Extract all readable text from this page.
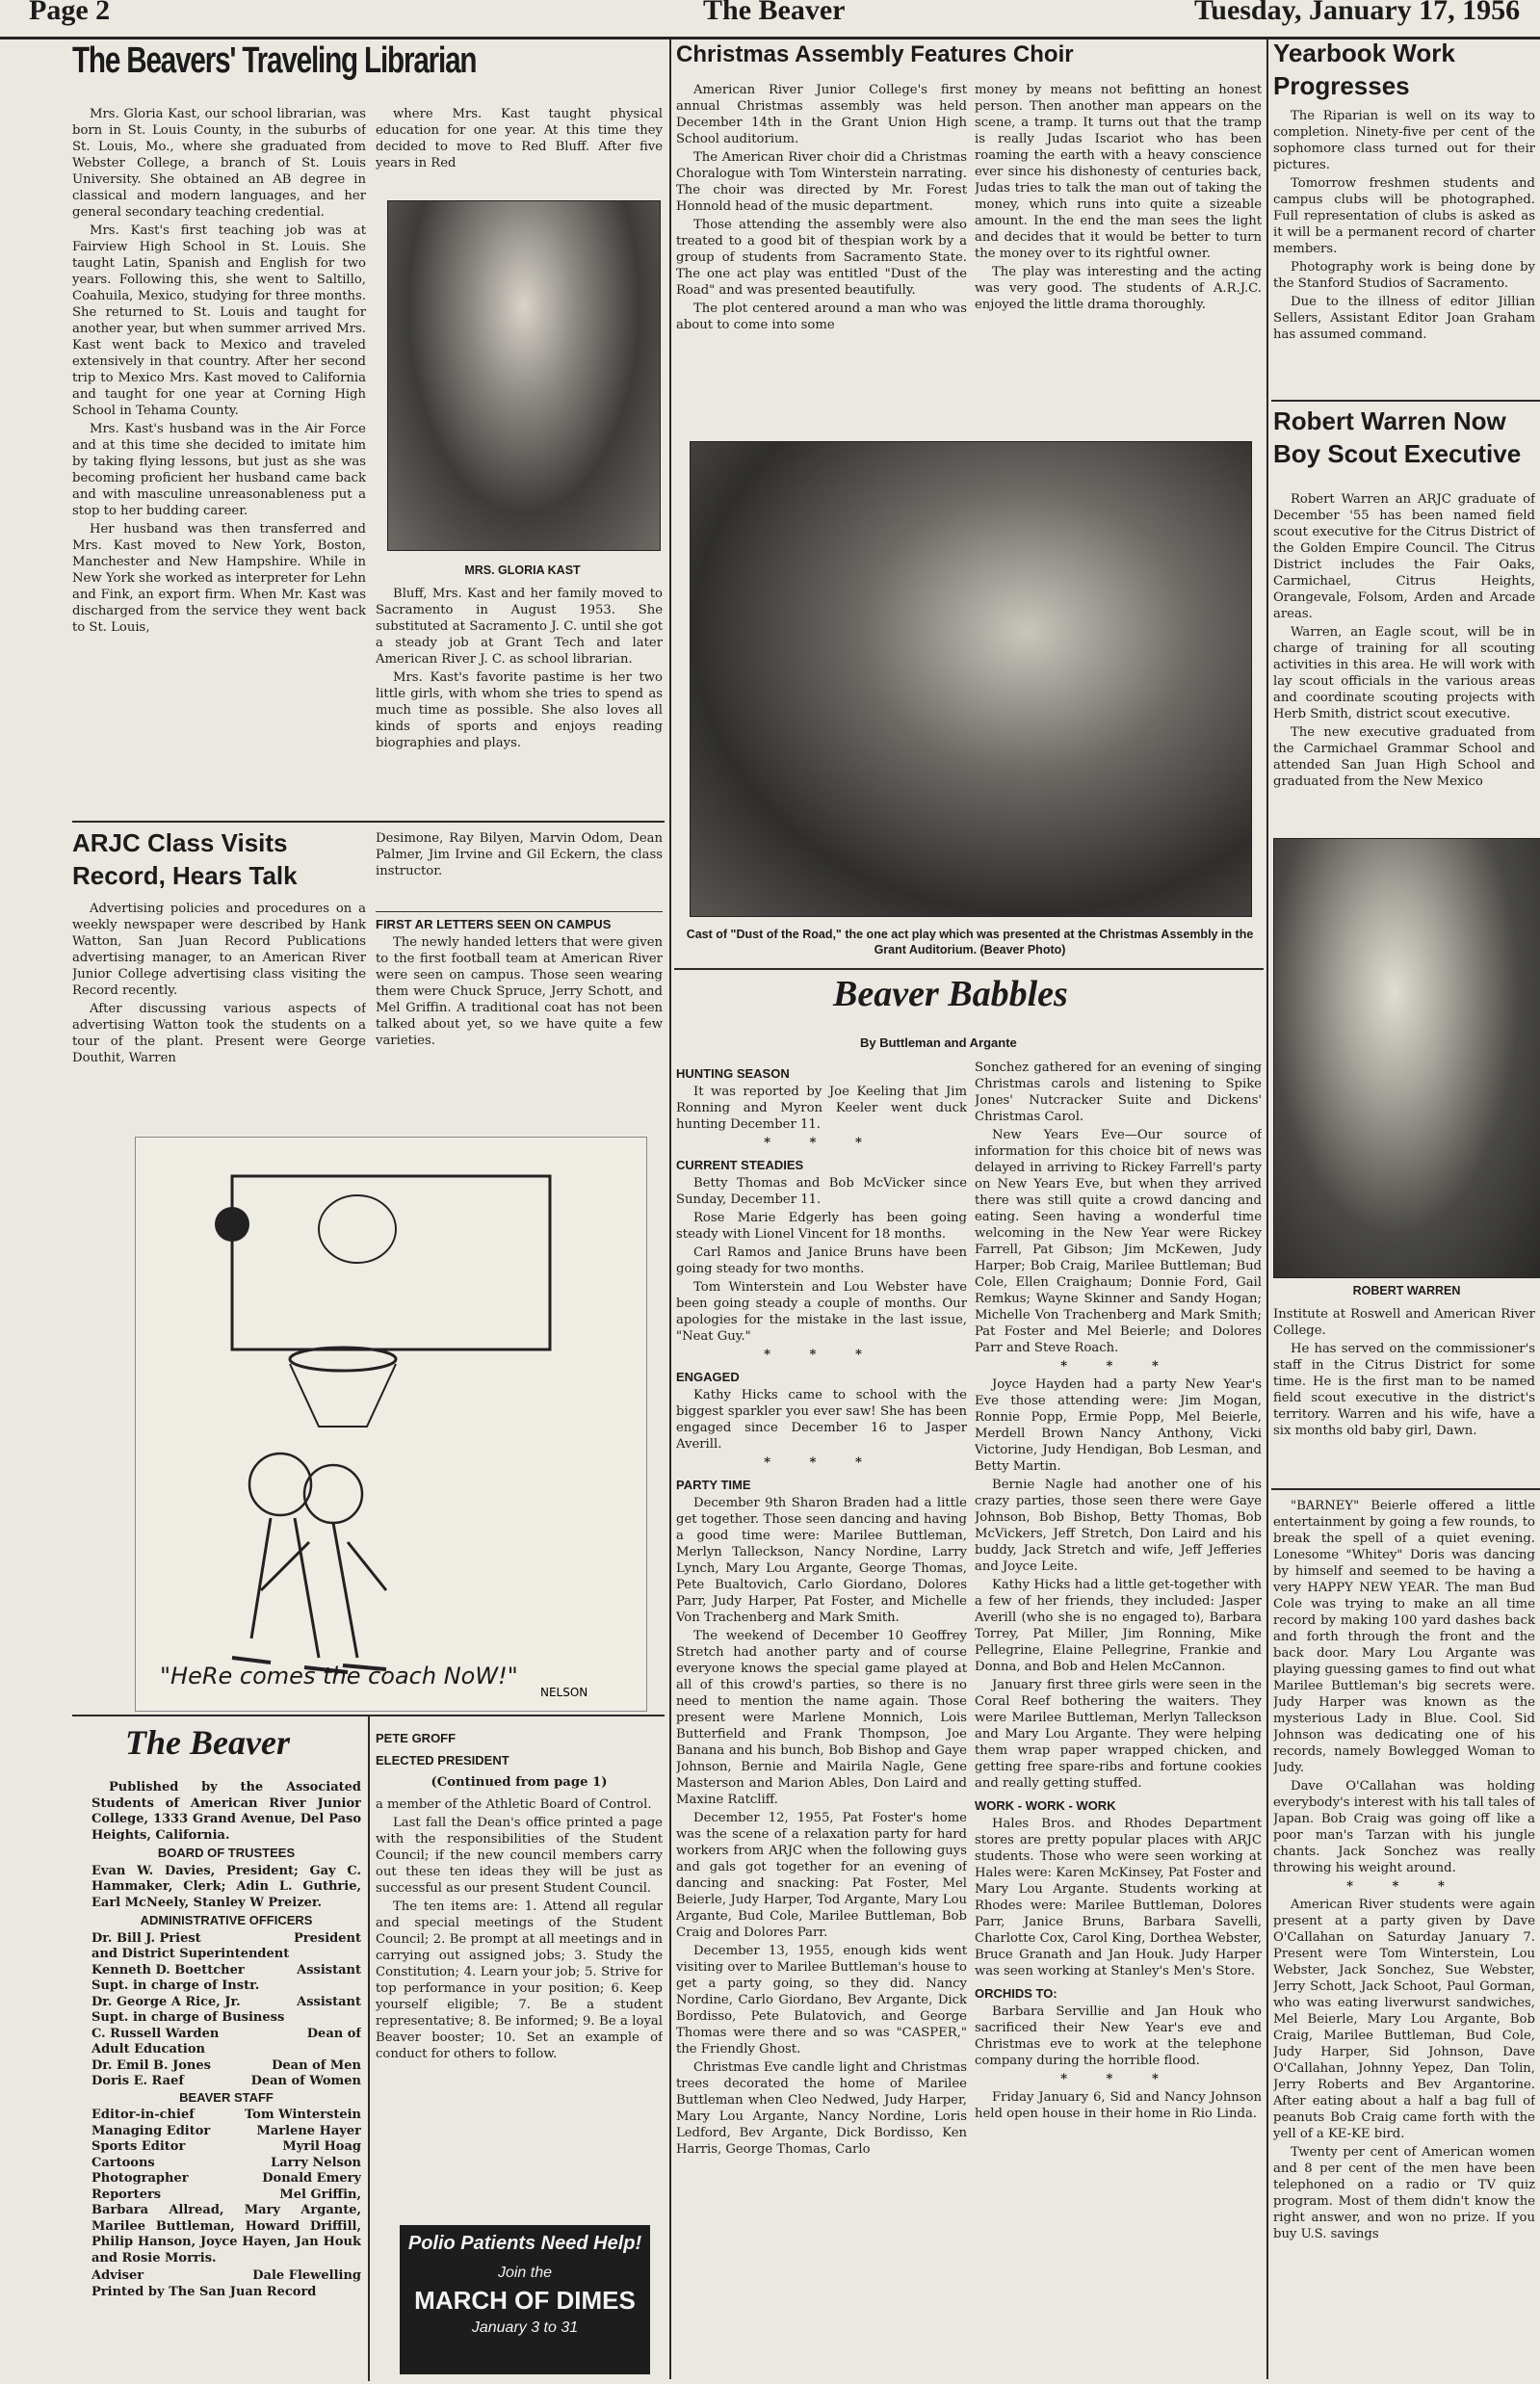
Page 2	The Beaver	Tuesday, January 17, 1956
The Beavers' Traveling Librarian

Mrs. Gloria Kast, our school librarian, was born in St. Louis County, in the suburbs of St. Louis, Mo., where she graduated from Webster College, a branch of St. Louis University. She obtained an AB degree in classical and modern languages, and her general secondary teaching credential.

Mrs. Kast's first teaching job was at Fairview High School in St. Louis. She taught Latin, Spanish and English for two years. Following this, she went to Saltillo, Coahuila, Mexico, studying for three months. She returned to St. Louis and taught for another year, but when summer arrived Mrs. Kast went back to Mexico and traveled extensively in that country. After her second trip to Mexico Mrs. Kast moved to California and taught for one year at Corning High School in Tehama County.

Mrs. Kast's husband was in the Air Force and at this time she decided to imitate him by taking flying lessons, but just as she was becoming proficient her husband came back and with masculine unreasonableness put a stop to her budding career.

Her husband was then transferred and Mrs. Kast moved to New York, Boston, Manchester and New Hampshire. While in New York she worked as interpreter for Lehn and Fink, an export firm. When Mr. Kast was discharged from the service they went back to St. Louis,

where Mrs. Kast taught physical education for one year. At this time they decided to move to Red Bluff. After five years in Red

MRS. GLORIA KAST

Bluff, Mrs. Kast and her family moved to Sacramento in August 1953. She substituted at Sacramento J. C. until she got a steady job at Grant Tech and later American River J. C. as school librarian.

Mrs. Kast's favorite pastime is her two little girls, with whom she tries to spend as much time as possible. She also loves all kinds of sports and enjoys reading biographies and plays.

ARJC Class Visits Record, Hears Talk

Advertising policies and procedures on a weekly newspaper were described by Hank Watton, San Juan Record Publications advertising manager, to an American River Junior College advertising class visiting the Record recently.

After discussing various aspects of advertising Watton took the students on a tour of the plant. Present were George Douthit, Warren

Desimone, Ray Bilyen, Marvin Odom, Dean Palmer, Jim Irvine and Gil Eckern, the class instructor.

FIRST AR LETTERS SEEN ON CAMPUS

The newly handed letters that were given to the first football team at American River were seen on campus. Those seen wearing them were Chuck Spruce, Jerry Schott, and Mel Griffin. A traditional coat has not been talked about yet, so we have quite a few varieties.

NELSON
"HeRe comes the coach NoW!"
The Beaver

Published by the Associated Students of American River Junior College, 1333 Grand Avenue, Del Paso Heights, California.

BOARD OF TRUSTEES

Evan W. Davies, President; Gay C. Hammaker, Clerk; Adin L. Guthrie, Earl McNeely, Stanley W Preizer.

ADMINISTRATIVE OFFICERS

Dr. Bill J. Priest	President
and District Superintendent
Kenneth D. Boettcher	Assistant
Supt. in charge of Instr.
Dr. George A Rice, Jr.	Assistant
Supt. in charge of Business
C. Russell Warden	Dean of
Adult Education
Dr. Emil B. Jones	Dean of Men
Doris E. Raef	Dean of Women

BEAVER STAFF

Editor-in-chief	Tom Winterstein
Managing Editor	Marlene Hayer
Sports Editor	Myril Hoag
Cartoons	Larry Nelson
Photographer	Donald Emery
Reporters	Mel Griffin,

Barbara Allread, Mary Argante, Marilee Buttleman, Howard Driffill, Philip Hanson, Joyce Hayen, Jan Houk and Rosie Morris.

Adviser	Dale Flewelling

Printed by The San Juan Record

PETE GROFF

ELECTED PRESIDENT

(Continued from page 1)

a member of the Athletic Board of Control.

Last fall the Dean's office printed a page with the responsibilities of the Student Council; if the new council members carry out these ten ideas they will be just as successful as our present Student Council.

The ten items are: 1. Attend all regular and special meetings of the Student Council; 2. Be prompt at all meetings and in carrying out assigned jobs; 3. Study the Constitution; 4. Learn your job; 5. Strive for top performance in your position; 6. Keep yourself eligible; 7. Be a student representative; 8. Be informed; 9. Be a loyal Beaver booster; 10. Set an example of conduct for others to follow.

Polio Patients Need Help!
Join the
MARCH OF DIMES
January 3 to 31
Christmas Assembly Features Choir

American River Junior College's first annual Christmas assembly was held December 14th in the Grant Union High School auditorium.

The American River choir did a Christmas Choralogue with Tom Winterstein narrating. The choir was directed by Mr. Forest Honnold head of the music department.

Those attending the assembly were also treated to a good bit of thespian work by a group of students from Sacramento State. The one act play was entitled "Dust of the Road" and was presented beautifully.

The plot centered around a man who was about to come into some

money by means not befitting an honest person. Then another man appears on the scene, a tramp. It turns out that the tramp is really Judas Iscariot who has been roaming the earth with a heavy conscience ever since his dishonesty of centuries back, Judas tries to talk the man out of taking the money, which runs into quite a sizeable amount. In the end the man sees the light and decides that it would be better to turn the money over to its rightful owner.

The play was interesting and the acting was very good. The students of A.R.J.C. enjoyed the little drama thoroughly.

Cast of "Dust of the Road," the one act play which was presented at the Christmas Assembly in the Grant Auditorium. (Beaver Photo)
Beaver Babbles
By Buttleman and Argante

HUNTING SEASON

It was reported by Joe Keeling that Jim Ronning and Myron Keeler went duck hunting December 11.

* * *

CURRENT STEADIES

Betty Thomas and Bob McVicker since Sunday, December 11.

Rose Marie Edgerly has been going steady with Lionel Vincent for 18 months.

Carl Ramos and Janice Bruns have been going steady for two months.

Tom Winterstein and Lou Webster have been going steady a couple of months. Our apologies for the mistake in the last issue, "Neat Guy."

* * *

ENGAGED

Kathy Hicks came to school with the biggest sparkler you ever saw! She has been engaged since December 16 to Jasper Averill.

* * *

PARTY TIME

December 9th Sharon Braden had a little get together. Those seen dancing and having a good time were: Marilee Buttleman, Merlyn Talleckson, Nancy Nordine, Larry Lynch, Mary Lou Argante, George Thomas, Pete Bualtovich, Carlo Giordano, Dolores Parr, Judy Harper, Pat Foster, and Michelle Von Trachenberg and Mark Smith.

The weekend of December 10 Geoffrey Stretch had another party and of course everyone knows the special game played at all of this crowd's parties, so there is no need to mention the name again. Those present were Marlene Monnich, Lois Butterfield and Frank Thompson, Joe Banana and his bunch, Bob Bishop and Gaye Johnson, Bernie and Mairila Nagle, Gene Masterson and Marion Ables, Don Laird and Maxine Ratcliff.

December 12, 1955, Pat Foster's home was the scene of a relaxation party for hard workers from ARJC when the following guys and gals got together for an evening of dancing and snacking: Pat Foster, Mel Beierle, Judy Harper, Tod Argante, Mary Lou Argante, Bud Cole, Marilee Buttleman, Bob Craig and Dolores Parr.

December 13, 1955, enough kids went visiting over to Marilee Buttleman's house to get a party going, so they did. Nancy Nordine, Carlo Giordano, Bev Argante, Dick Bordisso, Pete Bulatovich, and George Thomas were there and so was "CASPER," the Friendly Ghost.

Christmas Eve candle light and Christmas trees decorated the home of Marilee Buttleman when Cleo Nedwed, Judy Harper, Mary Lou Argante, Nancy Nordine, Loris Ledford, Bev Argante, Dick Bordisso, Ken Harris, George Thomas, Carlo

Sonchez gathered for an evening of singing Christmas carols and listening to Spike Jones' Nutcracker Suite and Dickens' Christmas Carol.

New Years Eve—Our source of information for this choice bit of news was delayed in arriving to Rickey Farrell's party on New Years Eve, but when they arrived there was still quite a crowd dancing and eating. Seen having a wonderful time welcoming in the New Year were Rickey Farrell, Pat Gibson; Jim McKewen, Judy Harper; Bob Craig, Marilee Buttleman; Bud Cole, Ellen Craighaum; Donnie Ford, Gail Remkus; Wayne Skinner and Sandy Hogan; Michelle Von Trachenberg and Mark Smith; Pat Foster and Mel Beierle; and Dolores Parr and Steve Roach.

* * *

Joyce Hayden had a party New Year's Eve those attending were: Jim Mogan, Ronnie Popp, Ermie Popp, Mel Beierle, Merdell Brown Nancy Anthony, Vicki Victorine, Judy Hendigan, Bob Lesman, and Betty Martin.

Bernie Nagle had another one of his crazy parties, those seen there were Gaye Johnson, Bob Bishop, Betty Thomas, Bob McVickers, Jeff Stretch, Don Laird and his buddy, Jack Stretch and wife, Jeff Jefferies and Joyce Leite.

Kathy Hicks had a little get-together with a few of her friends, they included: Jasper Averill (who she is no engaged to), Barbara Torrey, Pat Miller, Jim Ronning, Mike Pellegrine, Elaine Pellegrine, Frankie and Donna, and Bob and Helen McCannon.

January first three girls were seen in the Coral Reef bothering the waiters. They were Marilee Buttleman, Merlyn Talleckson and Mary Lou Argante. They were helping them wrap paper wrapped chicken, and getting free spare-ribs and fortune cookies and really getting stuffed.

WORK - WORK - WORK

Hales Bros. and Rhodes Department stores are pretty popular places with ARJC students. Those who were seen working at Hales were: Karen McKinsey, Pat Foster and Mary Lou Argante. Students working at Rhodes were: Marilee Buttleman, Dolores Parr, Janice Bruns, Barbara Savelli, Charlotte Cox, Carol King, Dorthea Webster, Bruce Granath and Jan Houk. Judy Harper was seen working at Stanley's Men's Store.

ORCHIDS TO:

Barbara Servillie and Jan Houk who sacrificed their New Year's eve and Christmas eve to work at the telephone company during the horrible flood.

* * *

Friday January 6, Sid and Nancy Johnson held open house in their home in Rio Linda.

Yearbook Work Progresses

The Riparian is well on its way to completion. Ninety-five per cent of the sophomore class turned out for their pictures.

Tomorrow freshmen students and campus clubs will be photographed. Full representation of clubs is asked as it will be a permanent record of charter members.

Photography work is being done by the Stanford Studios of Sacramento.

Due to the illness of editor Jillian Sellers, Assistant Editor Joan Graham has assumed command.

Robert Warren Now Boy Scout Executive

Robert Warren an ARJC graduate of December '55 has been named field scout executive for the Citrus District of the Golden Empire Council. The Citrus District includes the Fair Oaks, Carmichael, Citrus Heights, Orangevale, Folsom, Arden and Arcade areas.

Warren, an Eagle scout, will be in charge of training for all scouting activities in this area. He will work with lay scout officials in the various areas and coordinate scouting projects with Herb Smith, district scout executive.

The new executive graduated from the Carmichael Grammar School and attended San Juan High School and graduated from the New Mexico

ROBERT WARREN

Institute at Roswell and American River College.

He has served on the commissioner's staff in the Citrus District for some time. He is the first man to be named field scout executive in the district's territory. Warren and his wife, have a six months old baby girl, Dawn.

"BARNEY" Beierle offered a little entertainment by going a few rounds, to break the spell of a quiet evening. Lonesome "Whitey" Doris was dancing by himself and seemed to be having a very HAPPY NEW YEAR. The man Bud Cole was trying to make an all time record by making 100 yard dashes back and forth through the front and the back door. Mary Lou Argante was playing guessing games to find out what Marilee Buttleman's big secrets were. Judy Harper was known as the mysterious Lady in Blue. Cool. Sid Johnson was dedicating one of his records, namely Bowlegged Woman to Judy.

Dave O'Callahan was holding everybody's interest with his tall tales of Japan. Bob Craig was going off like a poor man's Tarzan with his jungle chants. Jack Sonchez was really throwing his weight around.

* * *

American River students were again present at a party given by Dave O'Callahan on Saturday January 7. Present were Tom Winterstein, Lou Webster, Jack Sonchez, Sue Webster, Jerry Schott, Jack Schoot, Paul Gorman, who was eating liverwurst sandwiches, Mel Beierle, Mary Lou Argante, Bob Craig, Marilee Buttleman, Bud Cole, Judy Harper, Sid Johnson, Dave O'Callahan, Johnny Yepez, Dan Tolin, Jerry Roberts and Bev Argantorine. After eating about a half a bag full of peanuts Bob Craig came forth with the yell of a KE-KE bird.

Twenty per cent of American women and 8 per cent of the men have been telephoned on a radio or TV quiz program. Most of them didn't know the right answer, and won no prize. If you buy U.S. savings
